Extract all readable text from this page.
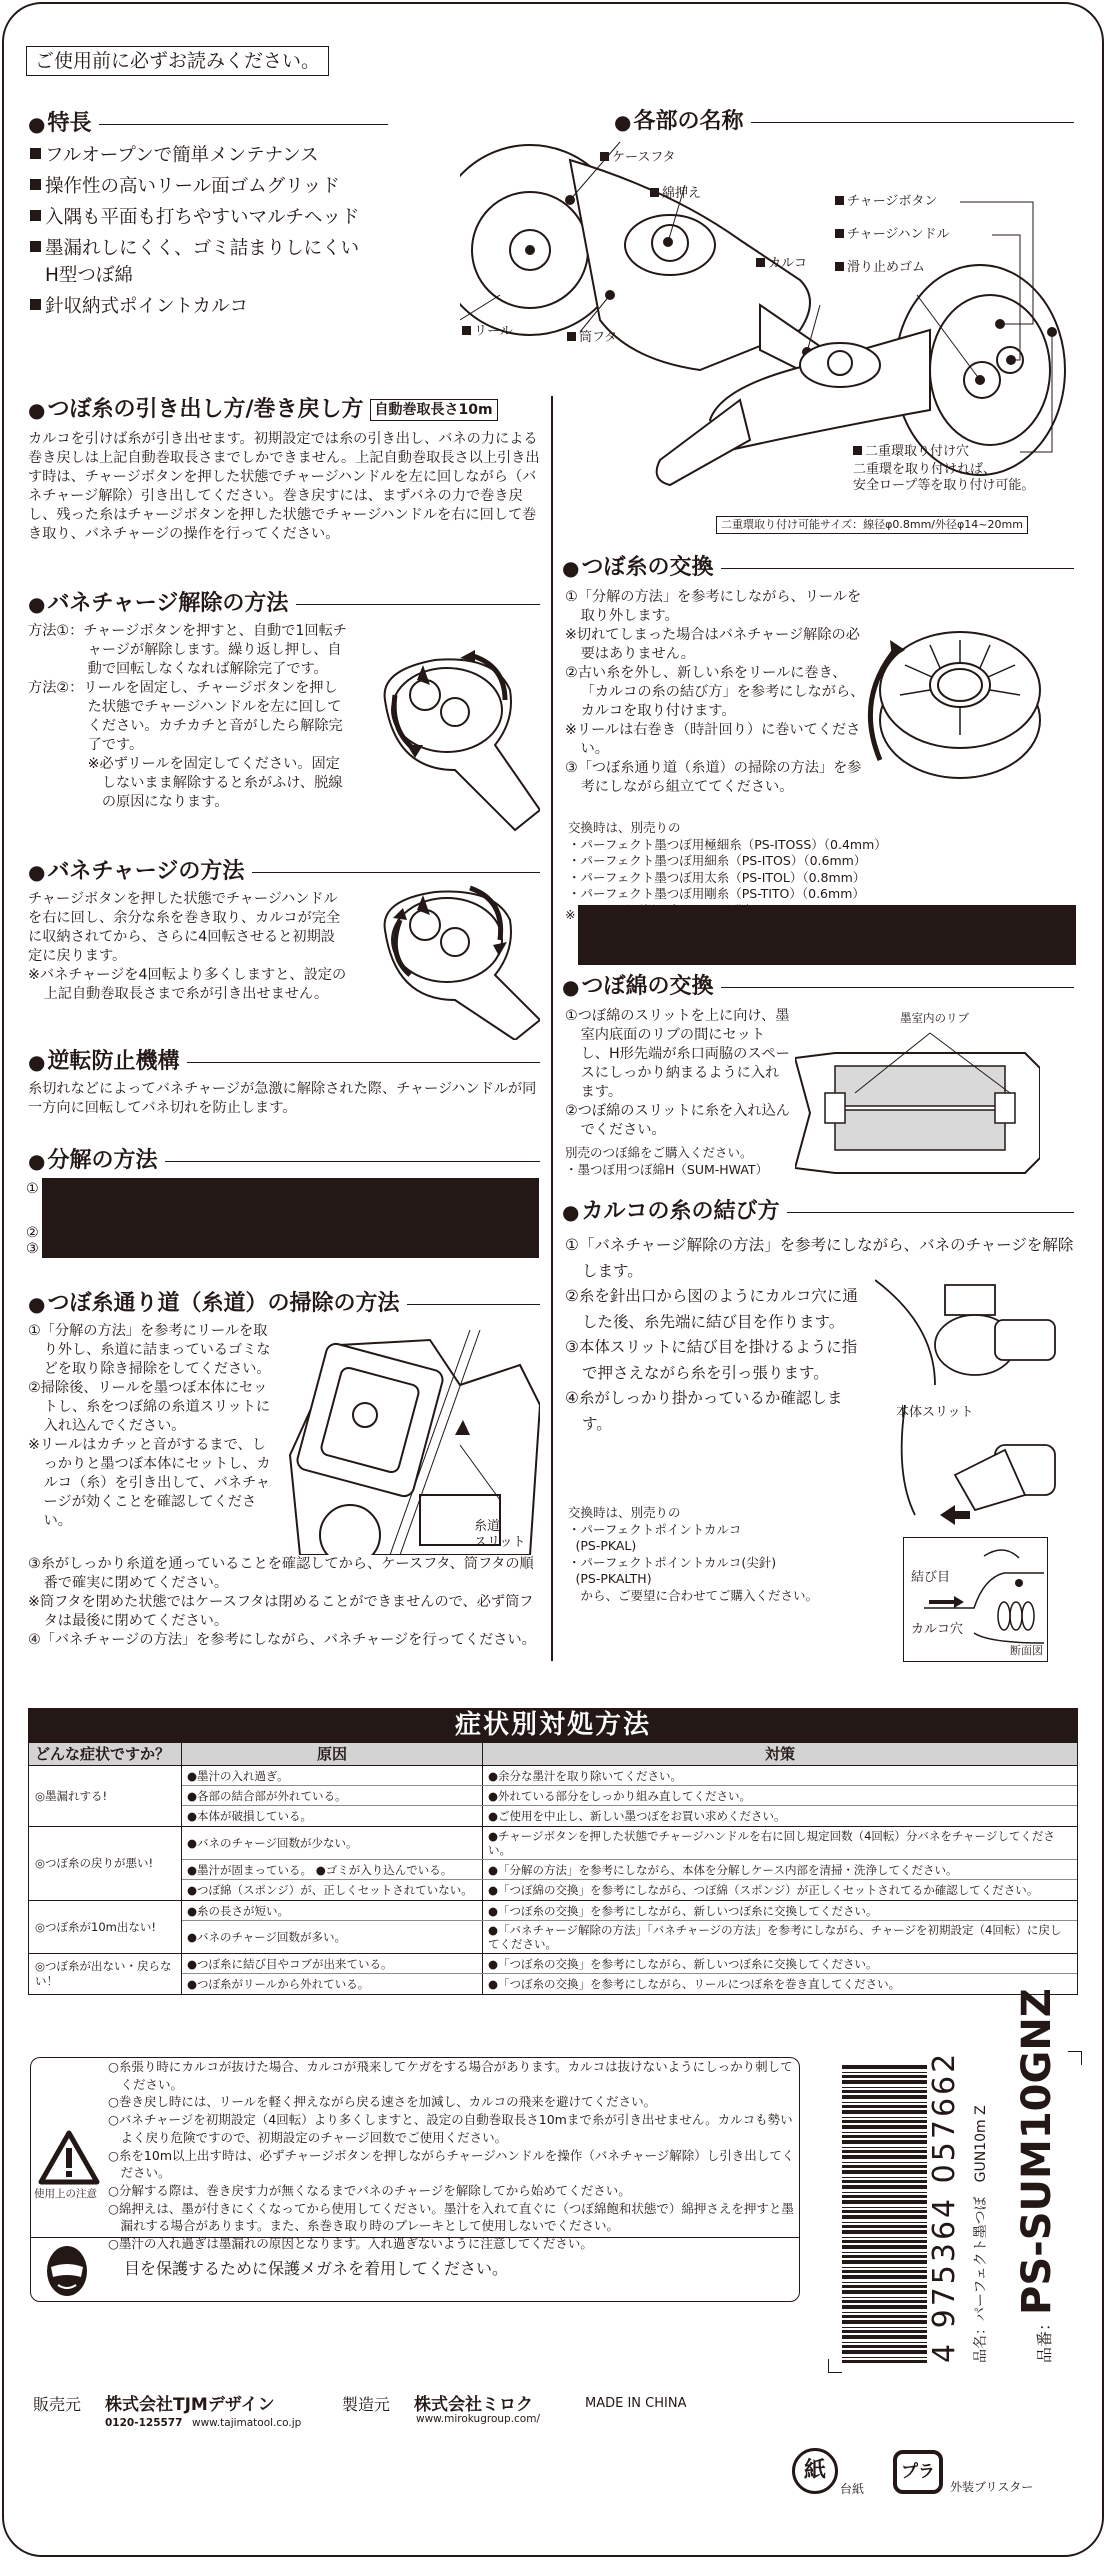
ご使用前に必ずお読みください。
● 特長
フルオープンで簡単メンテナンス
操作性の高いリール面ゴムグリッド
入隅も平面も打ちやすいマルチヘッド
墨漏れしにくく、ゴミ詰まりしにくい
H型つぼ綿
針収納式ポイントカルコ
● 各部の名称
ケースフタ
綿押え
カルコ
リール	筒フタ
チャージボタン
チャージハンドル
滑り止めゴム
二重環取り付け穴
二重環を取り付ければ、
安全ロープ等を取り付け可能。
二重環取り付け可能サイズ：線径φ0.8mm/外径φ14~20mm
● つぼ糸の引き出し方/巻き戻し方 自動巻取長さ10m
カルコを引けば糸が引き出せます。初期設定では糸の引き出し、バネの力による巻き戻しは上記自動巻取長さまでしかできません。上記自動巻取長さ以上引き出す時は、チャージボタンを押した状態でチャージハンドルを左に回しながら（バネチャージ解除）引き出してください。巻き戻すには、まずバネの力で巻き戻し、残った糸はチャージボタンを押した状態でチャージハンドルを右に回して巻き取り、バネチャージの操作を行ってください。
● バネチャージ解除の方法
方法①：チャージボタンを押すと、自動で1回転チャージが解除します。繰り返し押し、自動で回転しなくなれば解除完了です。
方法②：リールを固定し、チャージボタンを押した状態でチャージハンドルを左に回してください。カチカチと音がしたら解除完了です。
※必ずリールを固定してください。固定しないまま解除すると糸がふけ、脱線の原因になります。
● バネチャージの方法
チャージボタンを押した状態でチャージハンドルを右に回し、余分な糸を巻き取り、カルコが完全に収納されてから、さらに4回転させると初期設定に戻ります。
※バネチャージを4回転より多くしますと、設定の上記自動巻取長さまで糸が引き出せません。
● 逆転防止機構
糸切れなどによってバネチャージが急激に解除された際、チャージハンドルが同一方向に回転してバネ切れを防止します。
● 分解の方法
①
②
③
● つぼ糸通り道（糸道）の掃除の方法
①「分解の方法」を参考にリールを取り外し、糸道に詰まっているゴミなどを取り除き掃除をしてください。
②掃除後、リールを墨つぼ本体にセットし、糸をつぼ綿の糸道スリットに入れ込んでください。
※リールはカチッと音がするまで、しっかりと墨つぼ本体にセットし、カルコ（糸）を引き出して、バネチャージが効くことを確認してください。
③糸がしっかり糸道を通っていることを確認してから、ケースフタ、筒フタの順番で確実に閉めてください。
※筒フタを閉めた状態ではケースフタは閉めることができませんので、必ず筒フタは最後に閉めてください。
④「バネチャージの方法」を参考にしながら、バネチャージを行ってください。
糸道
スリット
● つぼ糸の交換
①「分解の方法」を参考にしながら、リールを取り外します。
※切れてしまった場合はバネチャージ解除の必要はありません。
②古い糸を外し、新しい糸をリールに巻き、「カルコの糸の結び方」を参考にしながら、カルコを取り付けます。
※リールは右巻き（時計回り）に巻いてください。
③「つぼ糸通り道（糸道）の掃除の方法」を参考にしながら組立ててください。
交換時は、別売りの
・パーフェクト墨つぼ用極細糸（PS-ITOSS）（0.4mm）
・パーフェクト墨つぼ用細糸（PS-ITOS）（0.6mm）
・パーフェクト墨つぼ用太糸（PS-ITOL）（0.8mm）
・パーフェクト墨つぼ用剛糸（PS-TITO）（0.6mm）
※
● つぼ綿の交換
①つぼ綿のスリットを上に向け、墨室内底面のリブの間にセットし、H形先端が糸口両脇のスペースにしっかり納まるように入れます。
②つぼ綿のスリットに糸を入れ込んでください。
別売のつぼ綿をご購入ください。
・墨つぼ用つぼ綿H（SUM-HWAT）
墨室内のリブ
● カルコの糸の結び方
①「バネチャージ解除の方法」を参考にしながら、バネのチャージを解除します。
②糸を針出口から図のようにカルコ穴に通した後、糸先端に結び目を作ります。
③本体スリットに結び目を掛けるように指で押さえながら糸を引っ張ります。
④糸がしっかり掛かっているか確認します。
交換時は、別売りの
・パーフェクトポイントカルコ
(PS-PKAL)
・パーフェクトポイントカルコ(尖針)
(PS-PKALTH)
から、ご要望に合わせてご購入ください。
本体スリット
結び目
カルコ穴
断面図
症状別対処方法
どんな症状ですか？	原因	対策
◎墨漏れする!
●墨汁の入れ過ぎ。	●余分な墨汁を取り除いてください。
●各部の結合部が外れている。	●外れている部分をしっかり組み直してください。
●本体が破損している。	●ご使用を中止し、新しい墨つぼをお買い求めください。
◎つぼ糸の戻りが悪い!
●バネのチャージ回数が少ない。	●チャージボタンを押した状態でチャージハンドルを右に回し規定回数（4回転）分バネをチャージしてください。
●墨汁が固まっている。 ●ゴミが入り込んでいる。	●「分解の方法」を参考にしながら、本体を分解しケース内部を清掃・洗浄してください。
●つぼ綿（スポンジ）が、正しくセットされていない。	●「つぼ綿の交換」を参考にしながら、つぼ綿（スポンジ）が正しくセットされてるか確認してください。
◎つぼ糸が10m出ない!
●糸の長さが短い。	●「つぼ糸の交換」を参考にしながら、新しいつぼ糸に交換してください。
●バネのチャージ回数が多い。	●「バネチャージ解除の方法」「バネチャージの方法」を参考にしながら、チャージを初期設定（4回転）に戻してください。
◎つぼ糸が出ない・戻らない！
●つぼ糸に結び目やコブが出来ている。	●「つぼ糸の交換」を参考にしながら、新しいつぼ糸に交換してください。
●つぼ糸がリールから外れている。	●「つぼ糸の交換」を参考にしながら、リールにつぼ糸を巻き直してください。
使用上の注意
○糸張り時にカルコが抜けた場合、カルコが飛来してケガをする場合があります。カルコは抜けないようにしっかり刺してください。
○巻き戻し時には、リールを軽く押えながら戻る速さを加減し、カルコの飛来を避けてください。
○バネチャージを初期設定（4回転）より多くしますと、設定の自動巻取長さ10mまで糸が引き出せません。カルコも勢いよく戻り危険ですので、初期設定のチャージ回数でご使用ください。
○糸を10m以上出す時は、必ずチャージボタンを押しながらチャージハンドルを操作（バネチャージ解除）し引き出してください。
○分解する際は、巻き戻す力が無くなるまでバネのチャージを解除してから始めてください。
○綿押えは、墨が付きにくくなってから使用してください。墨汁を入れて直ぐに（つぼ綿飽和状態で）綿押さえを押すと墨漏れする場合があります。また、糸巻き取り時のブレーキとして使用しないでください。
○墨汁の入れ過ぎは墨漏れの原因となります。入れ過ぎないように注意してください。
目を保護するために保護メガネを着用してください。
販売元 株式会社TJMデザイン
0120-125577 www.tajimatool.co.jp
製造元 株式会社ミロク
www.mirokugroup.com/
MADE IN CHINA
4 975364 057662 品名：パーフェクト墨つぼ　GUN10m Z	品番：PS-SUM10GNZ
紙
台紙
プラ
外装ブリスター
